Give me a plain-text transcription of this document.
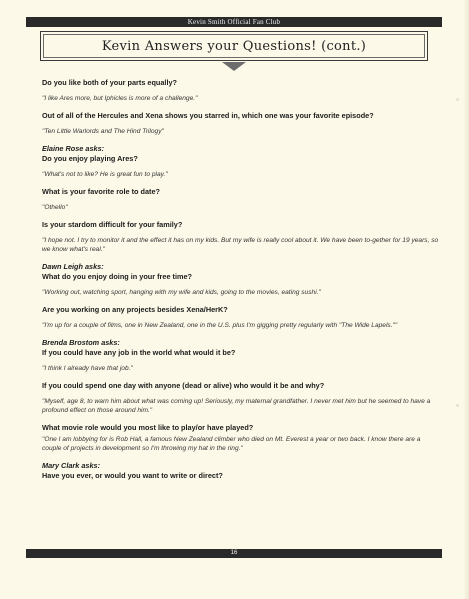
Kevin Smith Official Fan Club
Kevin Answers your Questions! (cont.)
Do you like both of your parts equally?
"I like Ares more, but Iphicles is more of a challenge."
Out of all of the Hercules and Xena shows you starred in, which one was your favorite episode?
"Ten Little Warlords and The Hind Trilogy"
Elaine Rose asks:
Do you enjoy playing Ares?
"What's not to like? He is great fun to play."
What is your favorite role to date?
"Othello"
Is your stardom difficult for your family?
"I hope not. I try to monitor it and the effect it has on my kids. But my wife is really cool about it. We have been to-gether for 19 years, so we know what's real."
Dawn Leigh asks:
What do you enjoy doing in your free time?
"Working out, watching sport, hanging with my wife and kids, going to the movies, eating sushi."
Are you working on any projects besides Xena/HerK?
"I'm up for a couple of films, one in New Zealand, one in the U.S. plus I'm gigging pretty regularly with "The Wide Lapels.""
Brenda Brostom asks:
If you could have any job in the world what would it be?
"I think I already have that job."
If you could spend one day with anyone (dead or alive) who would it be and why?
"Myself, age 8, to warn him about what was coming up! Seriously, my maternal grandfather. I never met him but he seemed to have a profound effect on those around him."
What movie role would you most like to play/or have played?
"One I am lobbying for is Rob Hall, a famous New Zealand climber who died on Mt. Everest a year or two back. I know there are a couple of projects in development so I'm throwing my hat in the ring."
Mary Clark asks:
Have you ever, or would you want to write or direct?
16
